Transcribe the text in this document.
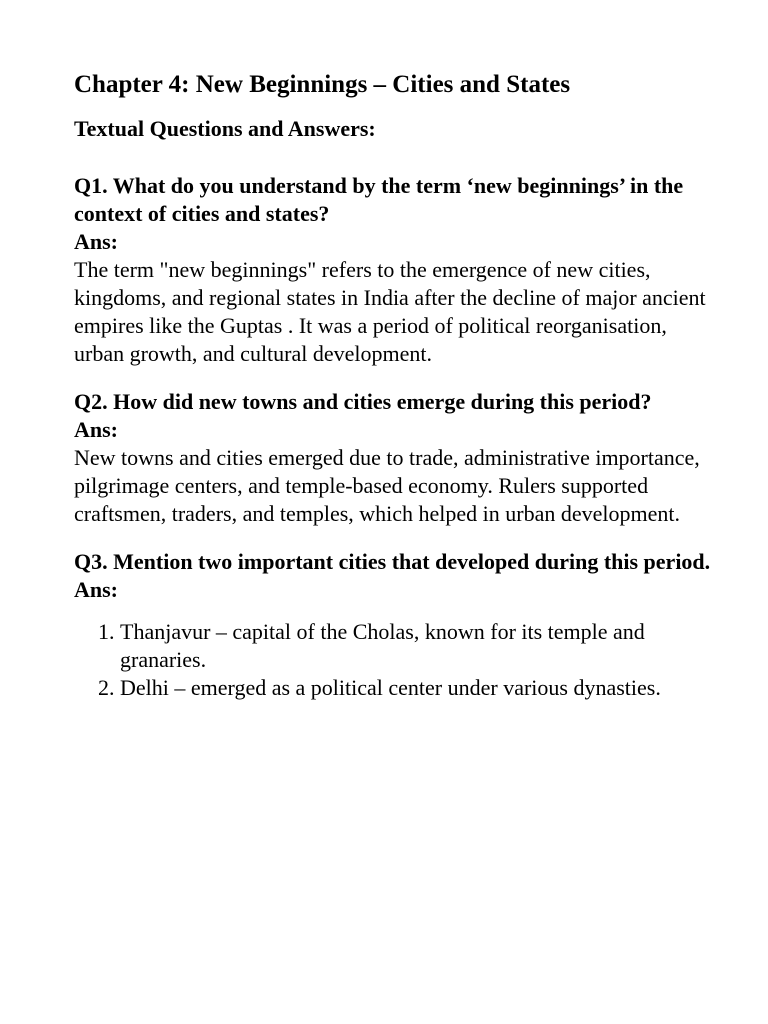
Chapter 4: New Beginnings – Cities and States
Textual Questions and Answers:

Q1. What do you understand by the term ‘new beginnings’ in the context of cities and states?

Ans:

The term "new beginnings" refers to the emergence of new cities, kingdoms, and regional states in India after the decline of major ancient empires like the Guptas . It was a period of political reorganisation, urban growth, and cultural development.

Q2. How did new towns and cities emerge during this period?

Ans:

New towns and cities emerged due to trade, administrative importance, pilgrimage centers, and temple-based economy. Rulers supported craftsmen, traders, and temples, which helped in urban development.

Q3. Mention two important cities that developed during this period.

Ans:

1. Thanjavur – capital of the Cholas, known for its temple and granaries.
2. Delhi – emerged as a political center under various dynasties.
